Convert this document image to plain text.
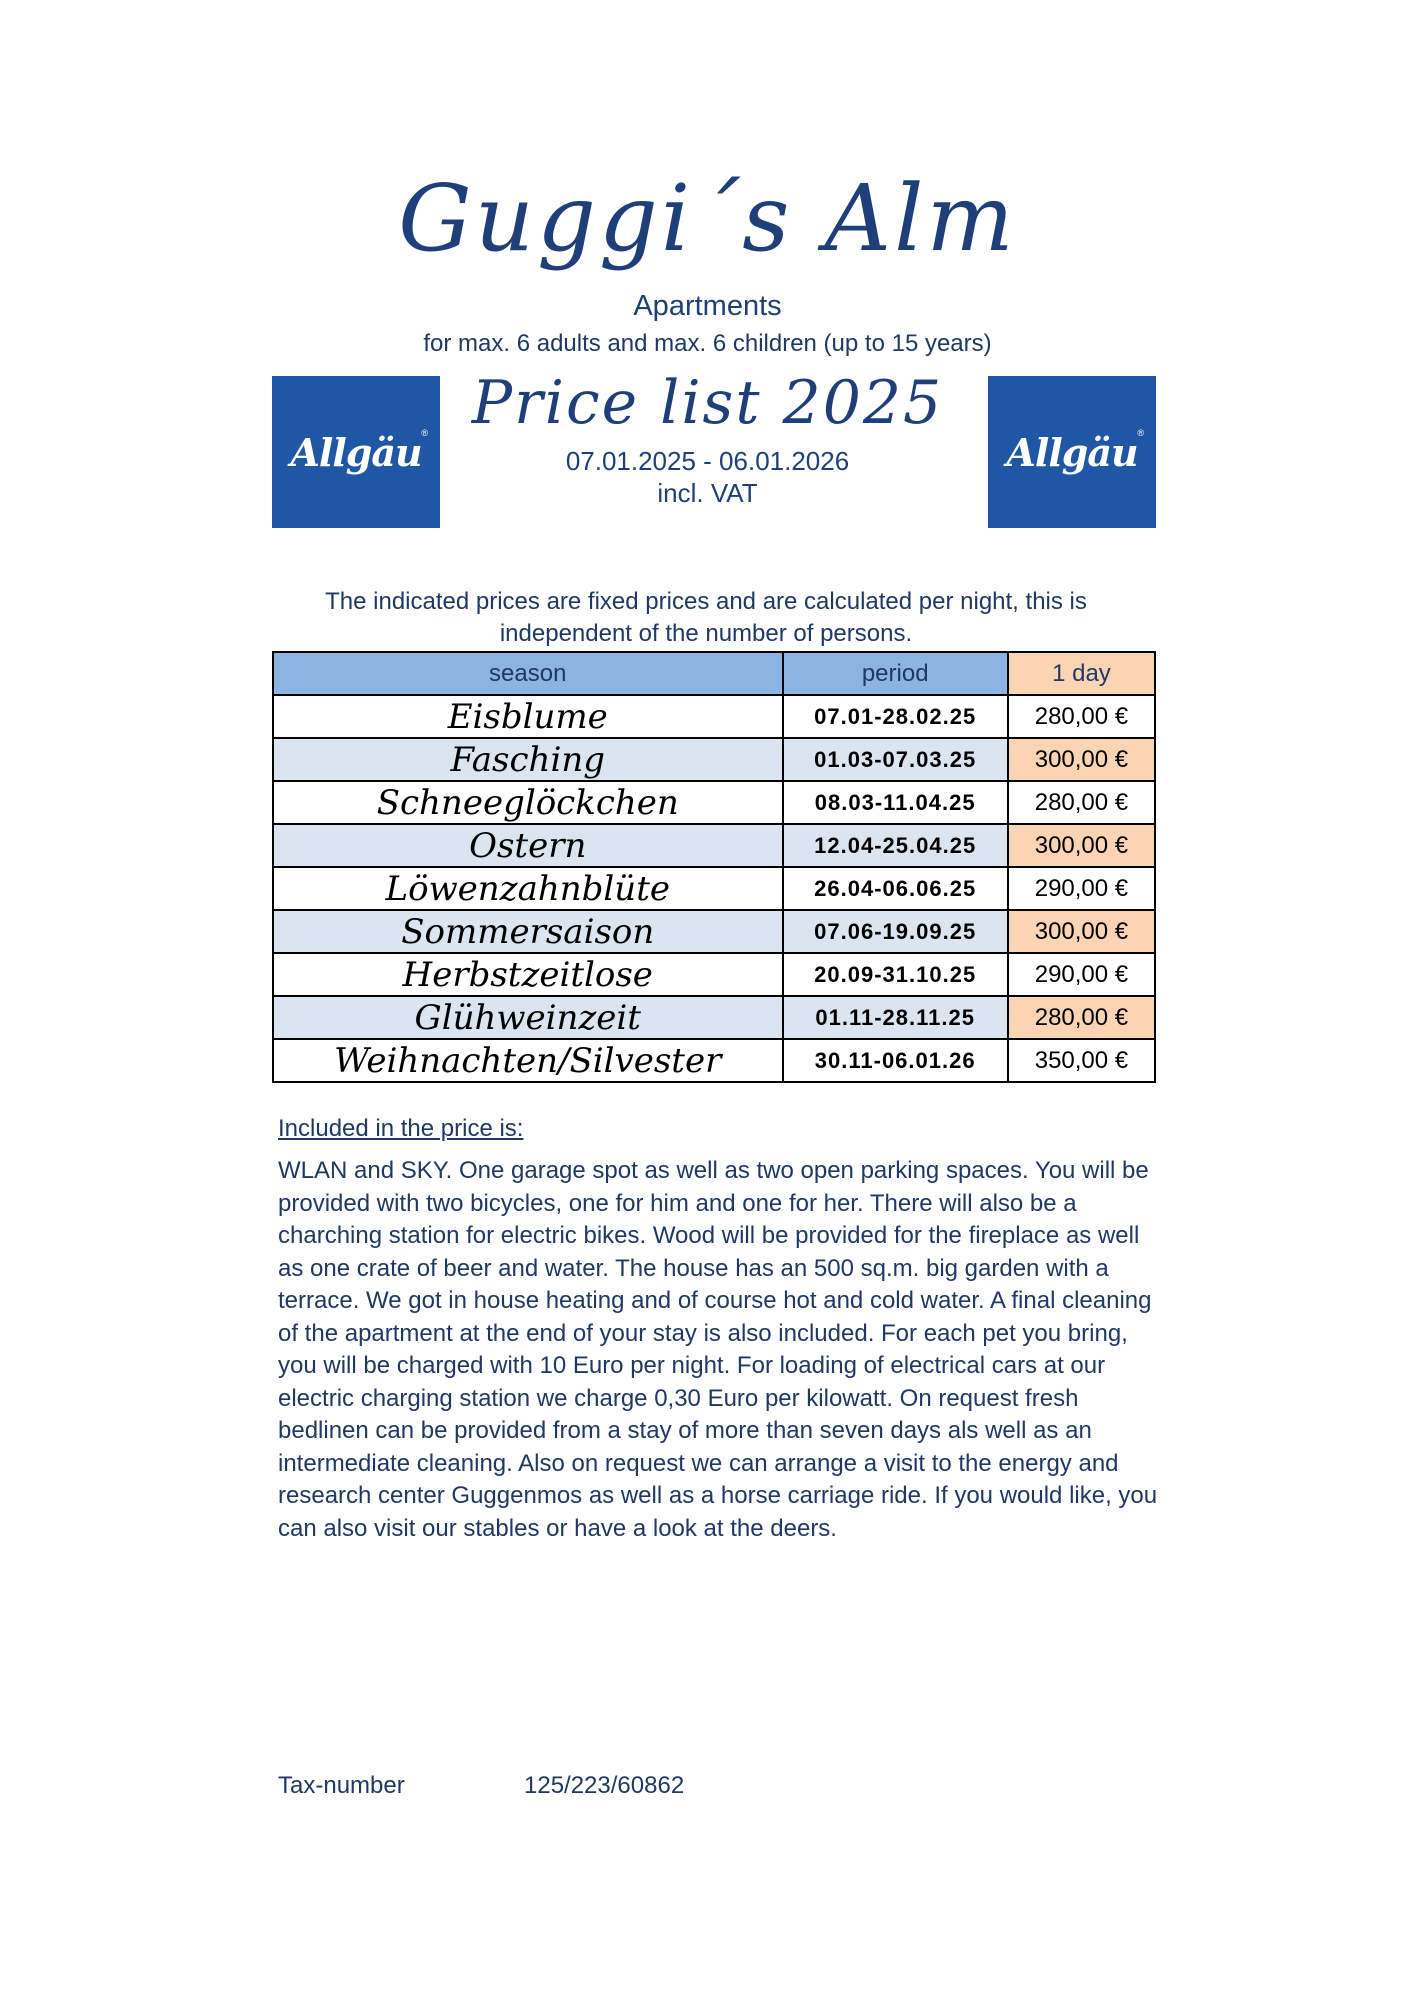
Guggi´s Alm
Apartments
for max. 6 adults and max. 6 children (up to 15 years)
Allgäu ®	Allgäu ®
Price list 2025
07.01.2025 - 06.01.2026
incl. VAT
The indicated prices are fixed prices and are calculated per night, this is independent of the number of persons.
season	period	1 day
Eisblume	07.01-28.02.25	280,00 €
Fasching	01.03-07.03.25	300,00 €
Schneeglöckchen	08.03-11.04.25	280,00 €
Ostern	12.04-25.04.25	300,00 €
Löwenzahnblüte	26.04-06.06.25	290,00 €
Sommersaison	07.06-19.09.25	300,00 €
Herbstzeitlose	20.09-31.10.25	290,00 €
Glühweinzeit	01.11-28.11.25	280,00 €
Weihnachten/Silvester	30.11-06.01.26	350,00 €
Included in the price is:
WLAN and SKY. One garage spot as well as two open parking spaces. You will be provided with two bicycles, one for him and one for her. There will also be a charching station for electric bikes. Wood will be provided for the fireplace as well as one crate of beer and water. The house has an 500 sq.m. big garden with a terrace. We got in house heating and of course hot and cold water. A final cleaning of the apartment at the end of your stay is also included. For each pet you bring, you will be charged with 10 Euro per night. For loading of electrical cars at our electric charging station we charge 0,30 Euro per kilowatt. On request fresh bedlinen can be provided from a stay of more than seven days als well as an intermediate cleaning. Also on request we can arrange a visit to the energy and research center Guggenmos as well as a horse carriage ride. If you would like, you can also visit our stables or have a look at the deers.
Tax-number	125/223/60862
